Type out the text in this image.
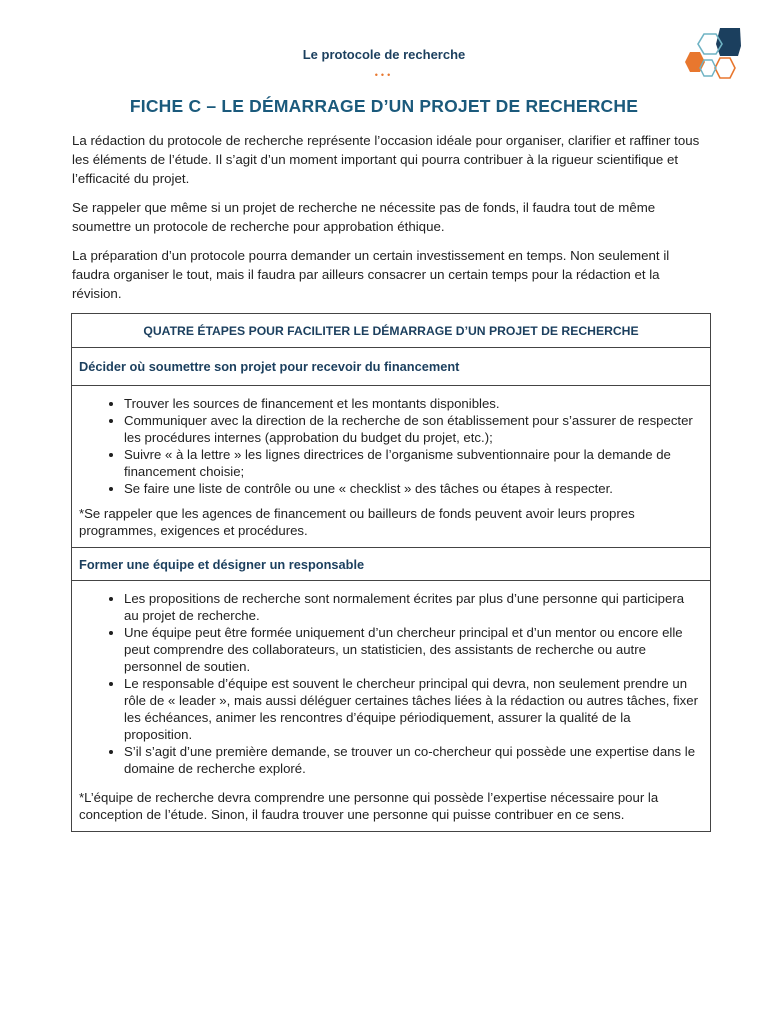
Le protocole de recherche
•••
FICHE C – LE DÉMARRAGE D’UN PROJET DE RECHERCHE

La rédaction du protocole de recherche représente l’occasion idéale pour organiser, clarifier et raffiner tous les éléments de l’étude. Il s’agit d’un moment important qui pourra contribuer à la rigueur scientifique et l’efficacité du projet.

Se rappeler que même si un projet de recherche ne nécessite pas de fonds, il faudra tout de même soumettre un protocole de recherche pour approbation éthique.

La préparation d’un protocole pourra demander un certain investissement en temps. Non seulement il faudra organiser le tout, mais il faudra par ailleurs consacrer un certain temps pour la rédaction et la révision.

QUATRE ÉTAPES POUR FACILITER LE DÉMARRAGE D’UN PROJET DE RECHERCHE
Décider où soumettre son projet pour recevoir du financement

• Trouver les sources de financement et les montants disponibles.
• Communiquer avec la direction de la recherche de son établissement pour s’assurer de respecter les procédures internes (approbation du budget du projet, etc.);
• Suivre « à la lettre » les lignes directrices de l’organisme subventionnaire pour la demande de financement choisie;
• Se faire une liste de contrôle ou une « checklist » des tâches ou étapes à respecter.
*Se rappeler que les agences de financement ou bailleurs de fonds peuvent avoir leurs propres programmes, exigences et procédures.

Former une équipe et désigner un responsable

• Les propositions de recherche sont normalement écrites par plus d’une personne qui participera au projet de recherche.
• Une équipe peut être formée uniquement d’un chercheur principal et d’un mentor ou encore elle peut comprendre des collaborateurs, un statisticien, des assistants de recherche ou autre personnel de soutien.
• Le responsable d’équipe est souvent le chercheur principal qui devra, non seulement prendre un rôle de « leader », mais aussi déléguer certaines tâches liées à la rédaction ou autres tâches, fixer les échéances, animer les rencontres d’équipe périodiquement, assurer la qualité de la proposition.
• S’il s’agit d’une première demande, se trouver un co-chercheur qui possède une expertise dans le domaine de recherche exploré.
*L’équipe de recherche devra comprendre une personne qui possède l’expertise nécessaire pour la conception de l’étude. Sinon, il faudra trouver une personne qui puisse contribuer en ce sens.
